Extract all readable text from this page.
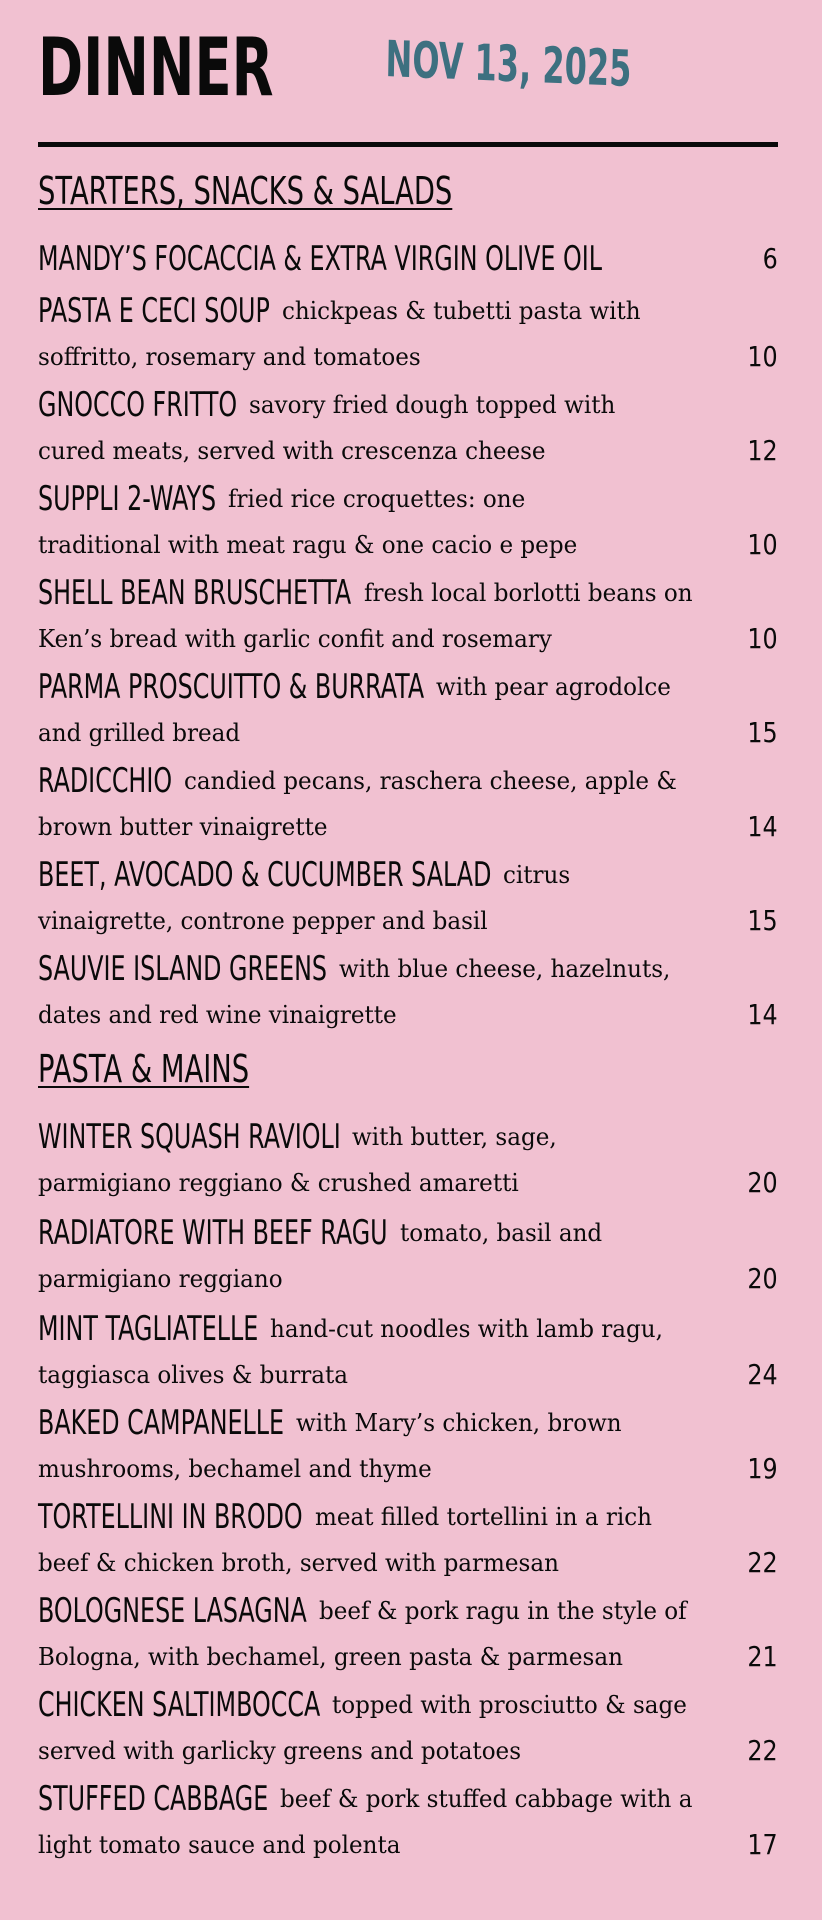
DINNER NOV 13, 2025
STARTERS, SNACKS & SALADS
MANDY’S FOCACCIA & EXTRA VIRGIN OLIVE OIL	6
PASTA E CECI SOUP chickpeas & tubetti pasta with
soffritto, rosemary and tomatoes	10
GNOCCO FRITTO savory fried dough topped with
cured meats, served with crescenza cheese	12
SUPPLI 2-WAYS fried rice croquettes: one
traditional with meat ragu & one cacio e pepe	10
SHELL BEAN BRUSCHETTA fresh local borlotti beans on
Ken’s bread with garlic confit and rosemary	10
PARMA PROSCUITTO & BURRATA with pear agrodolce
and grilled bread	15
RADICCHIO candied pecans, raschera cheese, apple &
brown butter vinaigrette	14
BEET, AVOCADO & CUCUMBER SALAD citrus
vinaigrette, controne pepper and basil	15
SAUVIE ISLAND GREENS with blue cheese, hazelnuts,
dates and red wine vinaigrette	14
PASTA & MAINS
WINTER SQUASH RAVIOLI with butter, sage,
parmigiano reggiano & crushed amaretti	20
RADIATORE WITH BEEF RAGU tomato, basil and
parmigiano reggiano	20
MINT TAGLIATELLE hand-cut noodles with lamb ragu,
taggiasca olives & burrata	24
BAKED CAMPANELLE with Mary’s chicken, brown
mushrooms, bechamel and thyme	19
TORTELLINI IN BRODO meat filled tortellini in a rich
beef & chicken broth, served with parmesan	22
BOLOGNESE LASAGNA beef & pork ragu in the style of
Bologna, with bechamel, green pasta & parmesan	21
CHICKEN SALTIMBOCCA topped with prosciutto & sage
served with garlicky greens and potatoes	22
STUFFED CABBAGE beef & pork stuffed cabbage with a
light tomato sauce and polenta	17
